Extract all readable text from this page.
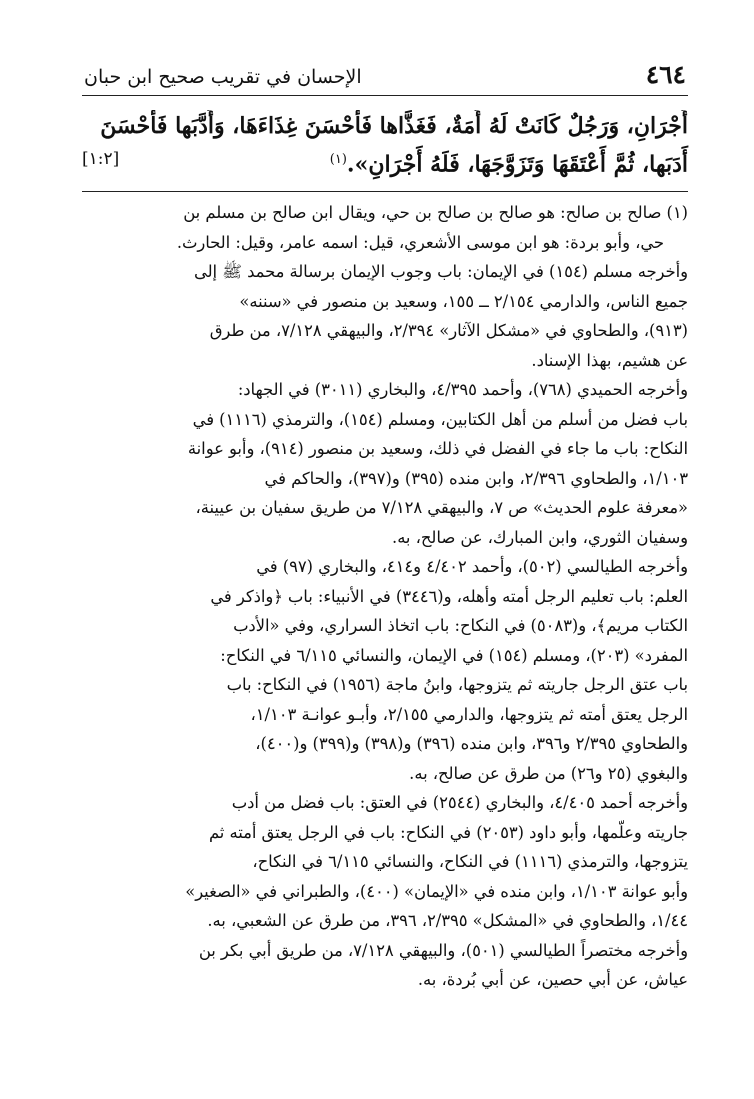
٤٦٤
الإحسان في تقريب صحيح ابن حبان
أَجْرَانِ، وَرَجُلٌ كَانَتْ لَهُ أَمَةٌ، فَغَذَّاها فَأَحْسَنَ غِذَاءَهَا، وَأَدَّبَها فَأَحْسَنَ
أَدَبَها، ثُمَّ أَعْتَقَهَا وَتَزَوَّجَهَا، فَلَهُ أَجْرَانِ».$^{(١)}$
[١:٢]

(١) صالح بن صالح: هو صالح بن صالح بن حي، ويقال ابن صالح بن مسلم بن

حي، وأبو بردة: هو ابن موسى الأشعري، قيل: اسمه عامر، وقيل: الحارث.

وأخرجه مسلم (١٥٤) في الإيمان: باب وجوب الإيمان برسالة محمد ﷺ إلى

جميع الناس، والدارمي ٢/١٥٤ ــ ١٥٥، وسعيد بن منصور في «سننه»

(٩١٣)، والطحاوي في «مشكل الآثار» ٢/٣٩٤، والبيهقي ٧/١٢٨، من طرق

عن هشيم، بهذا الإسناد.

وأخرجه الحميدي (٧٦٨)، وأحمد ٤/٣٩٥، والبخاري (٣٠١١) في الجهاد:

باب فضل من أسلم من أهل الكتابين، ومسلم (١٥٤)، والترمذي (١١١٦) في

النكاح: باب ما جاء في الفضل في ذلك، وسعيد بن منصور (٩١٤)، وأبو عوانة

١/١٠٣، والطحاوي ٢/٣٩٦، وابن منده (٣٩٥) و(٣٩٧)، والحاكم في

«معرفة علوم الحديث» ص ٧، والبيهقي ٧/١٢٨ من طريق سفيان بن عيينة،

وسفيان الثوري، وابن المبارك، عن صالح، به.

وأخرجه الطيالسي (٥٠٢)، وأحمد ٤/٤٠٢ و٤١٤، والبخاري (٩٧) في

العلم: باب تعليم الرجل أمته وأهله، و(٣٤٤٦) في الأنبياء: باب ﴿واذكر في

الكتاب مريم﴾، و(٥٠٨٣) في النكاح: باب اتخاذ السراري، وفي «الأدب

المفرد» (٢٠٣)، ومسلم (١٥٤) في الإيمان، والنسائي ٦/١١٥ في النكاح:

باب عتق الرجل جاريته ثم يتزوجها، وابنُ ماجة (١٩٥٦) في النكاح: باب

الرجل يعتق أمته ثم يتزوجها، والدارمي ٢/١٥٥، وأبـو عوانـة ١/١٠٣،

والطحاوي ٢/٣٩٥ و٣٩٦، وابن منده (٣٩٦) و(٣٩٨) و(٣٩٩) و(٤٠٠)،

والبغوي (٢٥ و٢٦) من طرق عن صالح، به.

وأخرجه أحمد ٤/٤٠٥، والبخاري (٢٥٤٤) في العتق: باب فضل من أدب

جاريته وعلّمها، وأبو داود (٢٠٥٣) في النكاح: باب في الرجل يعتق أمته ثم

يتزوجها، والترمذي (١١١٦) في النكاح، والنسائي ٦/١١٥ في النكاح،

وأبو عوانة ١/١٠٣، وابن منده في «الإيمان» (٤٠٠)، والطبراني في «الصغير»

١/٤٤، والطحاوي في «المشكل» ٢/٣٩٥، ٣٩٦، من طرق عن الشعبي، به.

وأخرجه مختصراً الطيالسي (٥٠١)، والبيهقي ٧/١٢٨، من طريق أبي بكر بن

عياش، عن أبي حصين، عن أبي بُردة، به.
